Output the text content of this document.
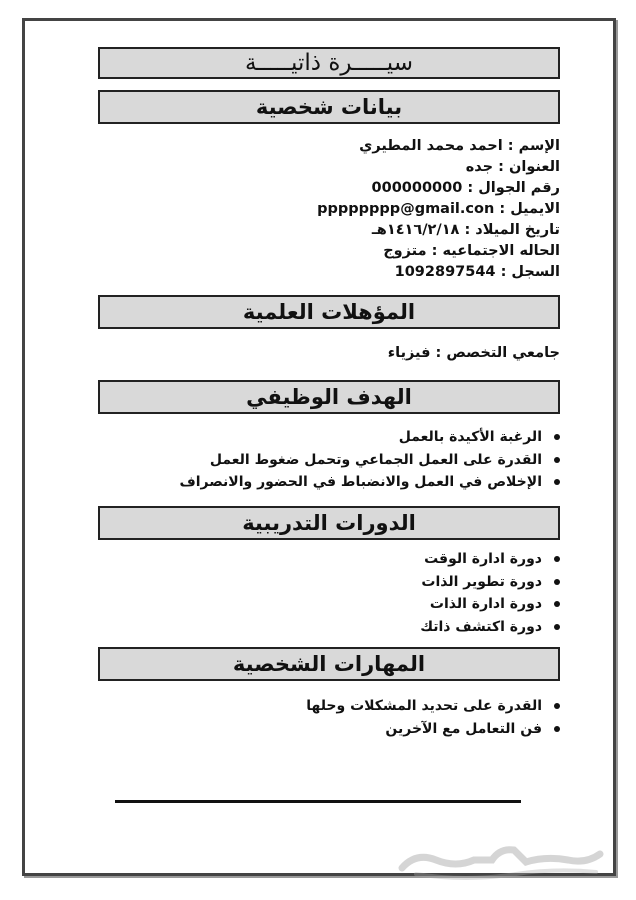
سيـــــرة ذاتيـــــة
بيانات شخصية
الإسم : احمد محمد المطيري
العنوان : جده
رقم الجوال : 000000000
الايميل : pppppppp@gmail.con
تاريخ الميلاد : ١٤١٦/٢/١٨هـ
الحاله الاجتماعيه : متزوج
السجل : 1092897544
المؤهلات العلمية
جامعي التخصص : فيزياء
الهدف الوظيفي
الرغبة الأكيدة بالعمل
القدرة على العمل الجماعي وتحمل ضغوط العمل
الإخلاص في العمل والانضباط في الحضور والانصراف
الدورات التدريبية
دورة ادارة الوقت
دورة تطوير الذات
دورة ادارة الذات
دورة اكتشف ذاتك
المهارات الشخصية
القدرة على تحديد المشكلات وحلها
فن التعامل مع الآخرين
